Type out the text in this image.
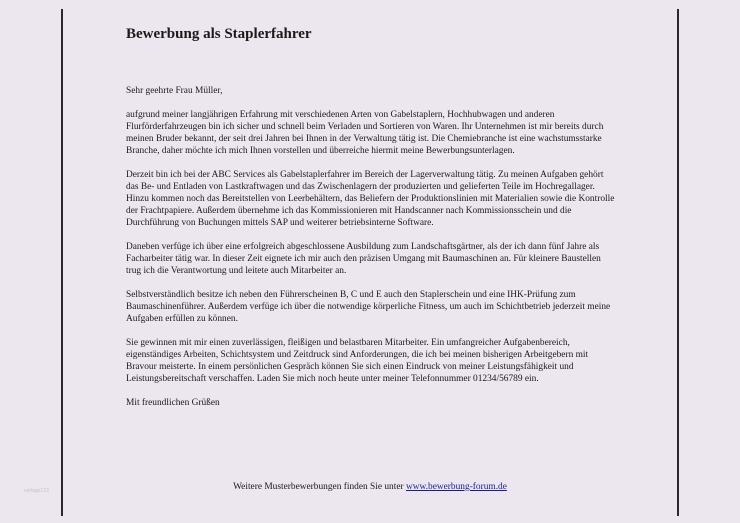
Bewerbung als Staplerfahrer

Sehr geehrte Frau Müller,

aufgrund meiner langjährigen Erfahrung mit verschiedenen Arten von Gabelstaplern, Hochhubwagen und anderen Flurförderfahrzeugen bin ich sicher und schnell beim Verladen und Sortieren von Waren. Ihr Unternehmen ist mir bereits durch meinen Bruder bekannt, der seit drei Jahren bei Ihnen in der Verwaltung tätig ist. Die Chemiebranche ist eine wachstumsstarke Branche, daher möchte ich mich Ihnen vorstellen und überreiche hiermit meine Bewerbungsunterlagen.

Derzeit bin ich bei der ABC Services als Gabelstaplerfahrer im Bereich der Lagerverwaltung tätig. Zu meinen Aufgaben gehört das Be- und Entladen von Lastkraftwagen und das Zwischenlagern der produzierten und gelieferten Teile im Hochregallager. Hinzu kommen noch das Bereitstellen von Leerbehältern, das Beliefern der Produktionslinien mit Materialien sowie die Kontrolle der Frachtpapiere. Außerdem übernehme ich das Kommissionieren mit Handscanner nach Kommissionsschein und die Durchführung von Buchungen mittels SAP und weiterer betriebsinterne Software.

Daneben verfüge ich über eine erfolgreich abgeschlossene Ausbildung zum Landschaftsgärtner, als der ich dann fünf Jahre als Facharbeiter tätig war. In dieser Zeit eignete ich mir auch den präzisen Umgang mit Baumaschinen an. Für kleinere Baustellen trug ich die Verantwortung und leitete auch Mitarbeiter an.

Selbstverständlich besitze ich neben den Führerscheinen B, C und E auch den Staplerschein und eine IHK-Prüfung zum Baumaschinenführer. Außerdem verfüge ich über die notwendige körperliche Fitness, um auch im Schichtbetrieb jederzeit meine Aufgaben erfüllen zu können.

Sie gewinnen mit mir einen zuverlässigen, fleißigen und belastbaren Mitarbeiter. Ein umfangreicher Aufgabenbereich, eigenständiges Arbeiten, Schichtsystem und Zeitdruck sind Anforderungen, die ich bei meinen bisherigen Arbeitgebern mit Bravour meisterte. In einem persönlichen Gespräch können Sie sich einen Eindruck von meiner Leistungsfähigkeit und Leistungsbereitschaft verschaffen. Laden Sie mich noch heute unter meiner Telefonnummer 01234/56789 ein.

Mit freundlichen Grüßen

Weitere Musterbewerbungen finden Sie unter www.bewerbung-forum.de
vorlage123
